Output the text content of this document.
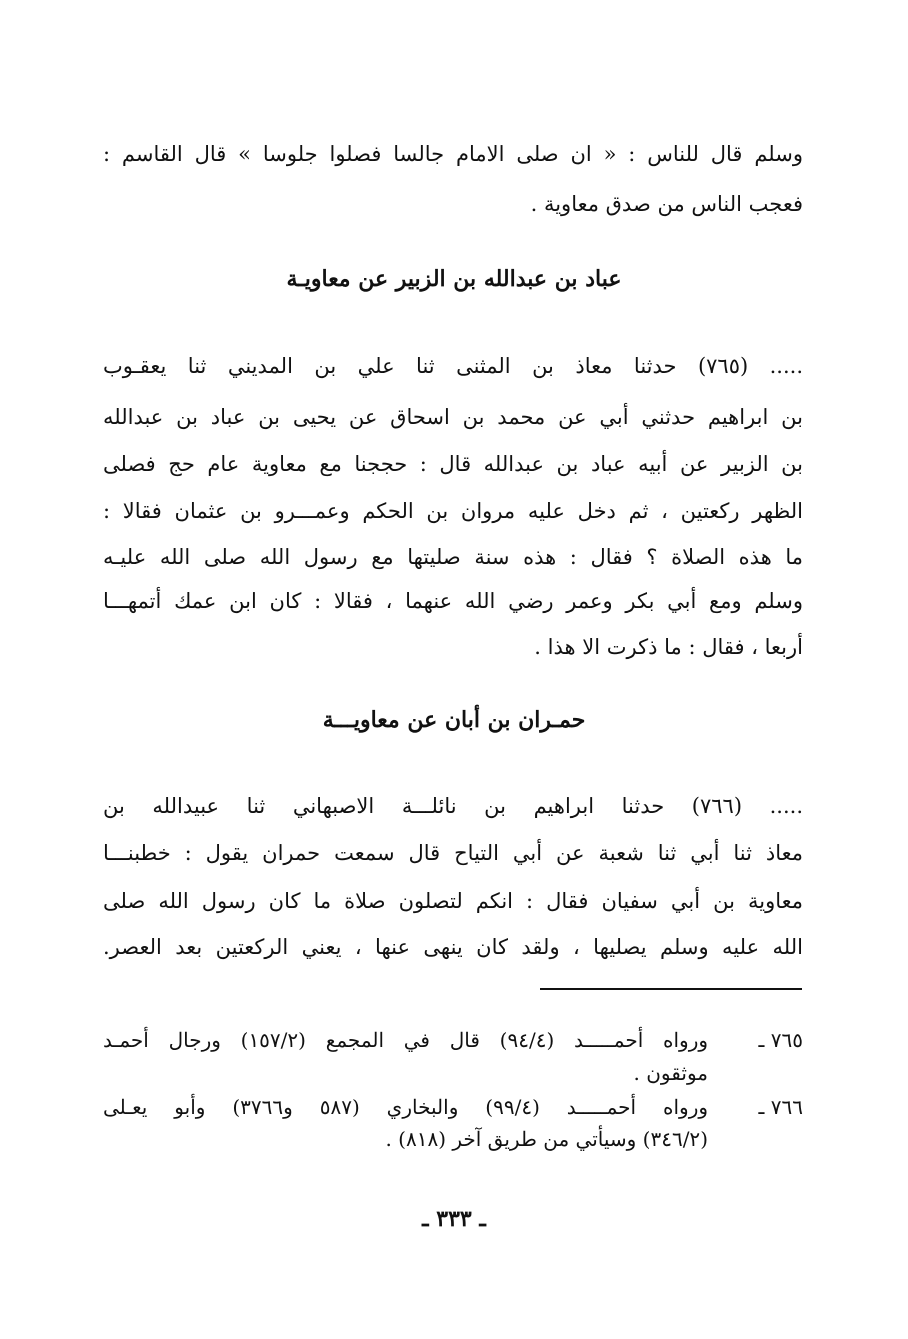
وسلم قال للناس : « ان صلى الامام جالسا فصلوا جلوسا » قال القاسم :
فعجب الناس من صدق معاوية .
عباد بن عبدالله بن الزبير عن معاويـة
..... (٧٦٥) حدثنا معاذ بن المثنى ثنا علي بن المديني ثنا يعقـوب
بن ابراهيم حدثني أبي عن محمد بن اسحاق عن يحيى بن عباد بن عبدالله
بن الزبير عن أبيه عباد بن عبدالله قال : حججنا مع معاوية عام حج فصلى
الظهر ركعتين ، ثم دخل عليه مروان بن الحكم وعمـــرو بن عثمان فقالا :
ما هذه الصلاة ؟ فقال : هذه سنة صليتها مع رسول الله صلى الله عليـه
وسلم ومع أبي بكر وعمر رضي الله عنهما ، فقالا : كان ابن عمك أتمهـــا
أربعا ، فقال : ما ذكرت الا هذا .
حمـران بن أبان عن معاويـــة
..... (٧٦٦) حدثنا ابراهيم بن نائلـــة الاصبهاني ثنا عبيدالله بن
معاذ ثنا أبي ثنا شعبة عن أبي التياح قال سمعت حمران يقول : خطبنـــا
معاوية بن أبي سفيان فقال : انكم لتصلون صلاة ما كان رسول الله صلى
الله عليه وسلم يصليها ، ولقد كان ينهى عنها ، يعني الركعتين بعد العصر.
٧٦٥ ـ
ورواه أحمـــــد (٩٤/٤) قال في المجمع (١٥٧/٢) ورجال أحمـد
موثقون .
٧٦٦ ـ
ورواه أحمـــــد (٩٩/٤) والبخاري (٥٨٧ و٣٧٦٦) وأبو يعـلى
(٣٤٦/٢) وسيأتي من طريق آخر (٨١٨) .
ـ ٣٣٣ ـ
